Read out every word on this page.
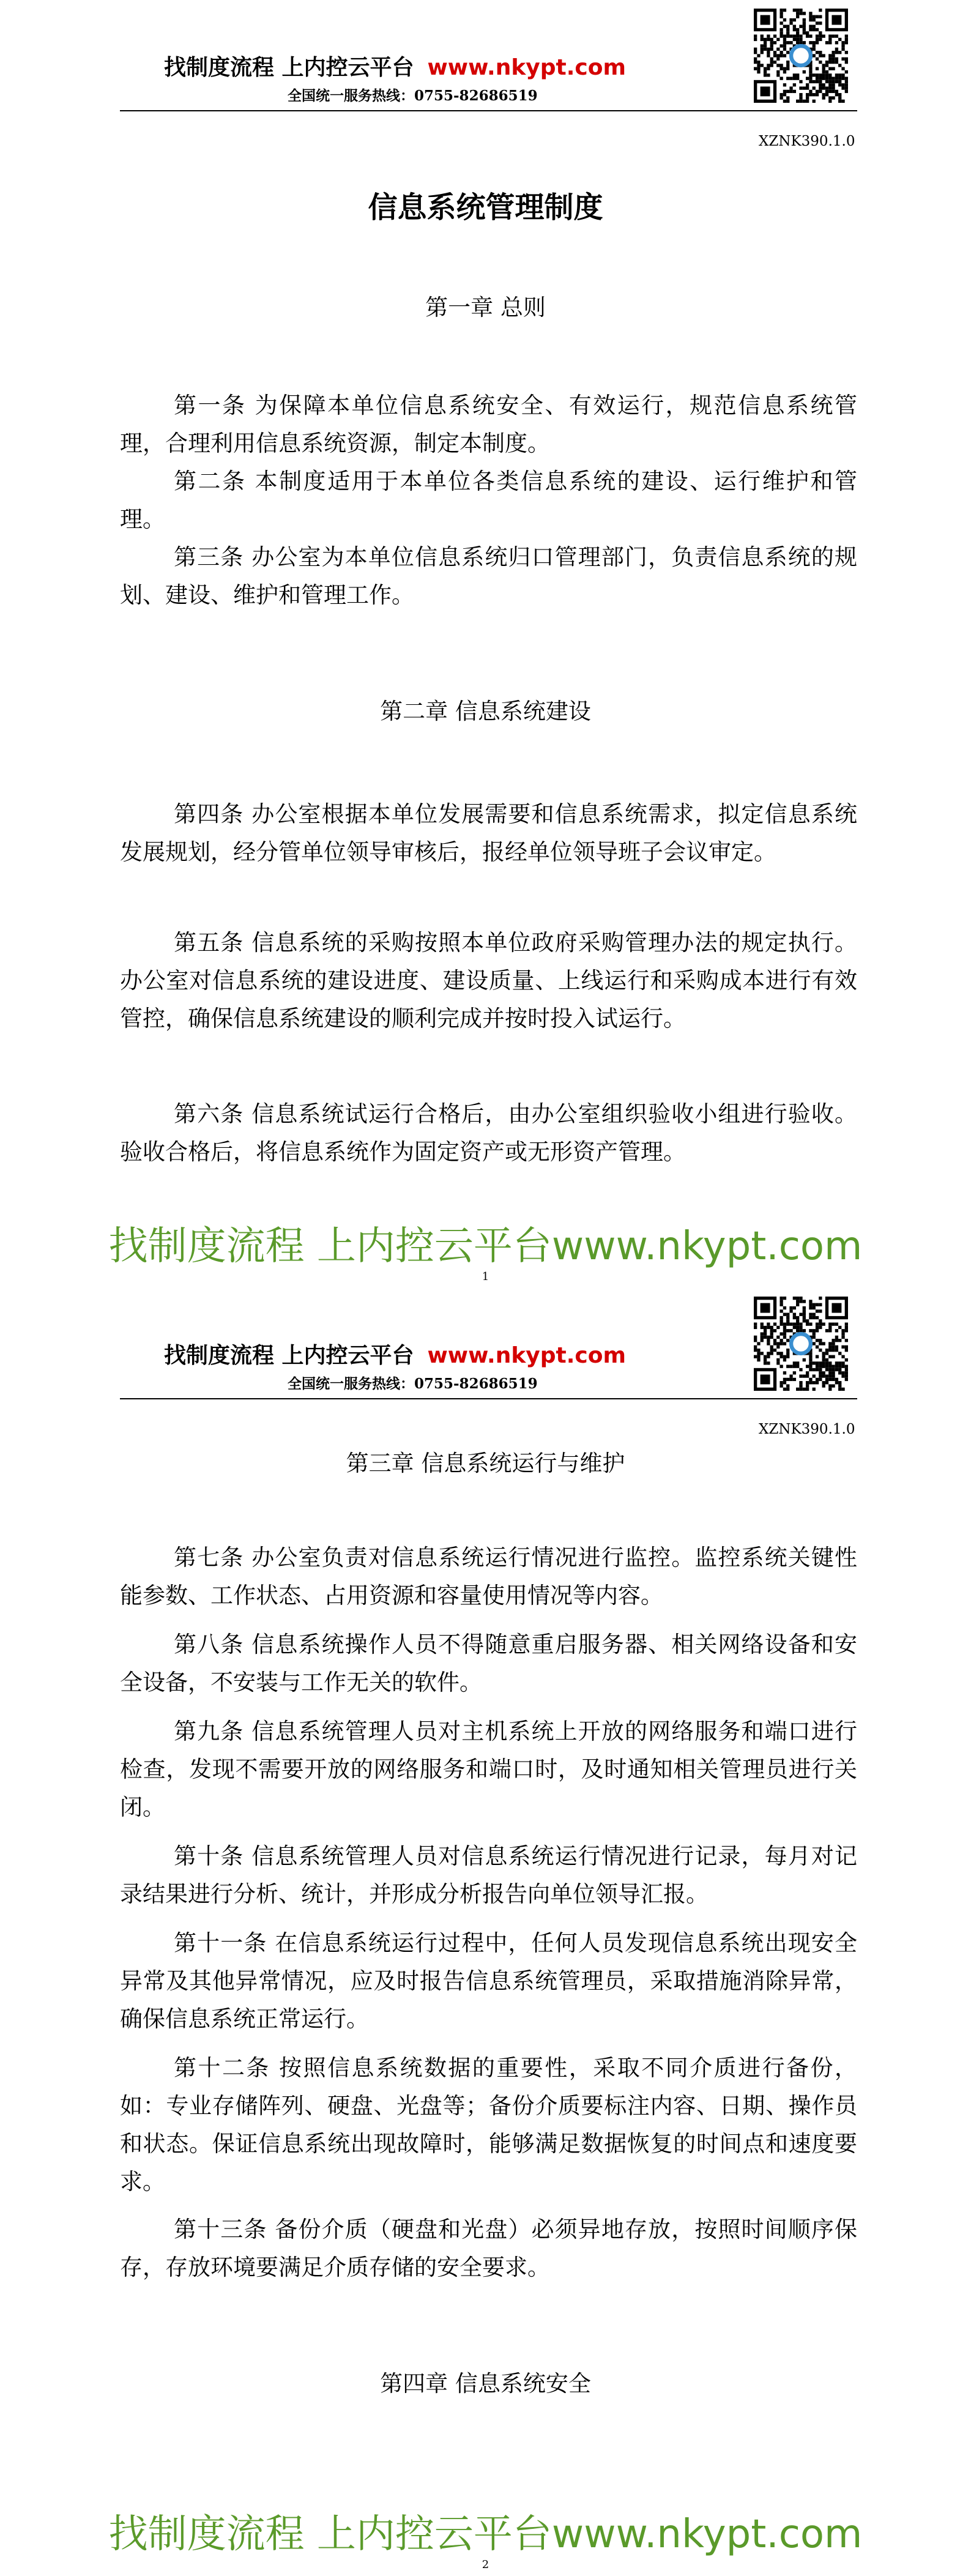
找制度流程 上内控云平台 www.nkypt.com
全国统一服务热线：0755-82686519
XZNK390.1.0
信息系统管理制度
第一章 总则

第一条 为保障本单位信息系统安全、有效运行，规范信息系统管理，合理利用信息系统资源，制定本制度。

第二条 本制度适用于本单位各类信息系统的建设、运行维护和管理。

第三条 办公室为本单位信息系统归口管理部门，负责信息系统的规划、建设、维护和管理工作。

第二章 信息系统建设

第四条 办公室根据本单位发展需要和信息系统需求，拟定信息系统发展规划，经分管单位领导审核后，报经单位领导班子会议审定。

第五条 信息系统的采购按照本单位政府采购管理办法的规定执行。办公室对信息系统的建设进度、建设质量、上线运行和采购成本进行有效管控，确保信息系统建设的顺利完成并按时投入试运行。

第六条 信息系统试运行合格后，由办公室组织验收小组进行验收。验收合格后，将信息系统作为固定资产或无形资产管理。

找制度流程 上内控云平台www.nkypt.com
1
找制度流程 上内控云平台 www.nkypt.com
全国统一服务热线：0755-82686519
XZNK390.1.0
第三章 信息系统运行与维护

第七条 办公室负责对信息系统运行情况进行监控。监控系统关键性能参数、工作状态、占用资源和容量使用情况等内容。

第八条 信息系统操作人员不得随意重启服务器、相关网络设备和安全设备，不安装与工作无关的软件。

第九条 信息系统管理人员对主机系统上开放的网络服务和端口进行检查，发现不需要开放的网络服务和端口时，及时通知相关管理员进行关闭。

第十条 信息系统管理人员对信息系统运行情况进行记录，每月对记录结果进行分析、统计，并形成分析报告向单位领导汇报。

第十一条 在信息系统运行过程中，任何人员发现信息系统出现安全异常及其他异常情况，应及时报告信息系统管理员，采取措施消除异常，确保信息系统正常运行。

第十二条 按照信息系统数据的重要性，采取不同介质进行备份，如：专业存储阵列、硬盘、光盘等；备份介质要标注内容、日期、操作员和状态。保证信息系统出现故障时，能够满足数据恢复的时间点和速度要求。

第十三条 备份介质（硬盘和光盘）必须异地存放，按照时间顺序保存，存放环境要满足介质存储的安全要求。

第四章 信息系统安全
找制度流程 上内控云平台www.nkypt.com
2
